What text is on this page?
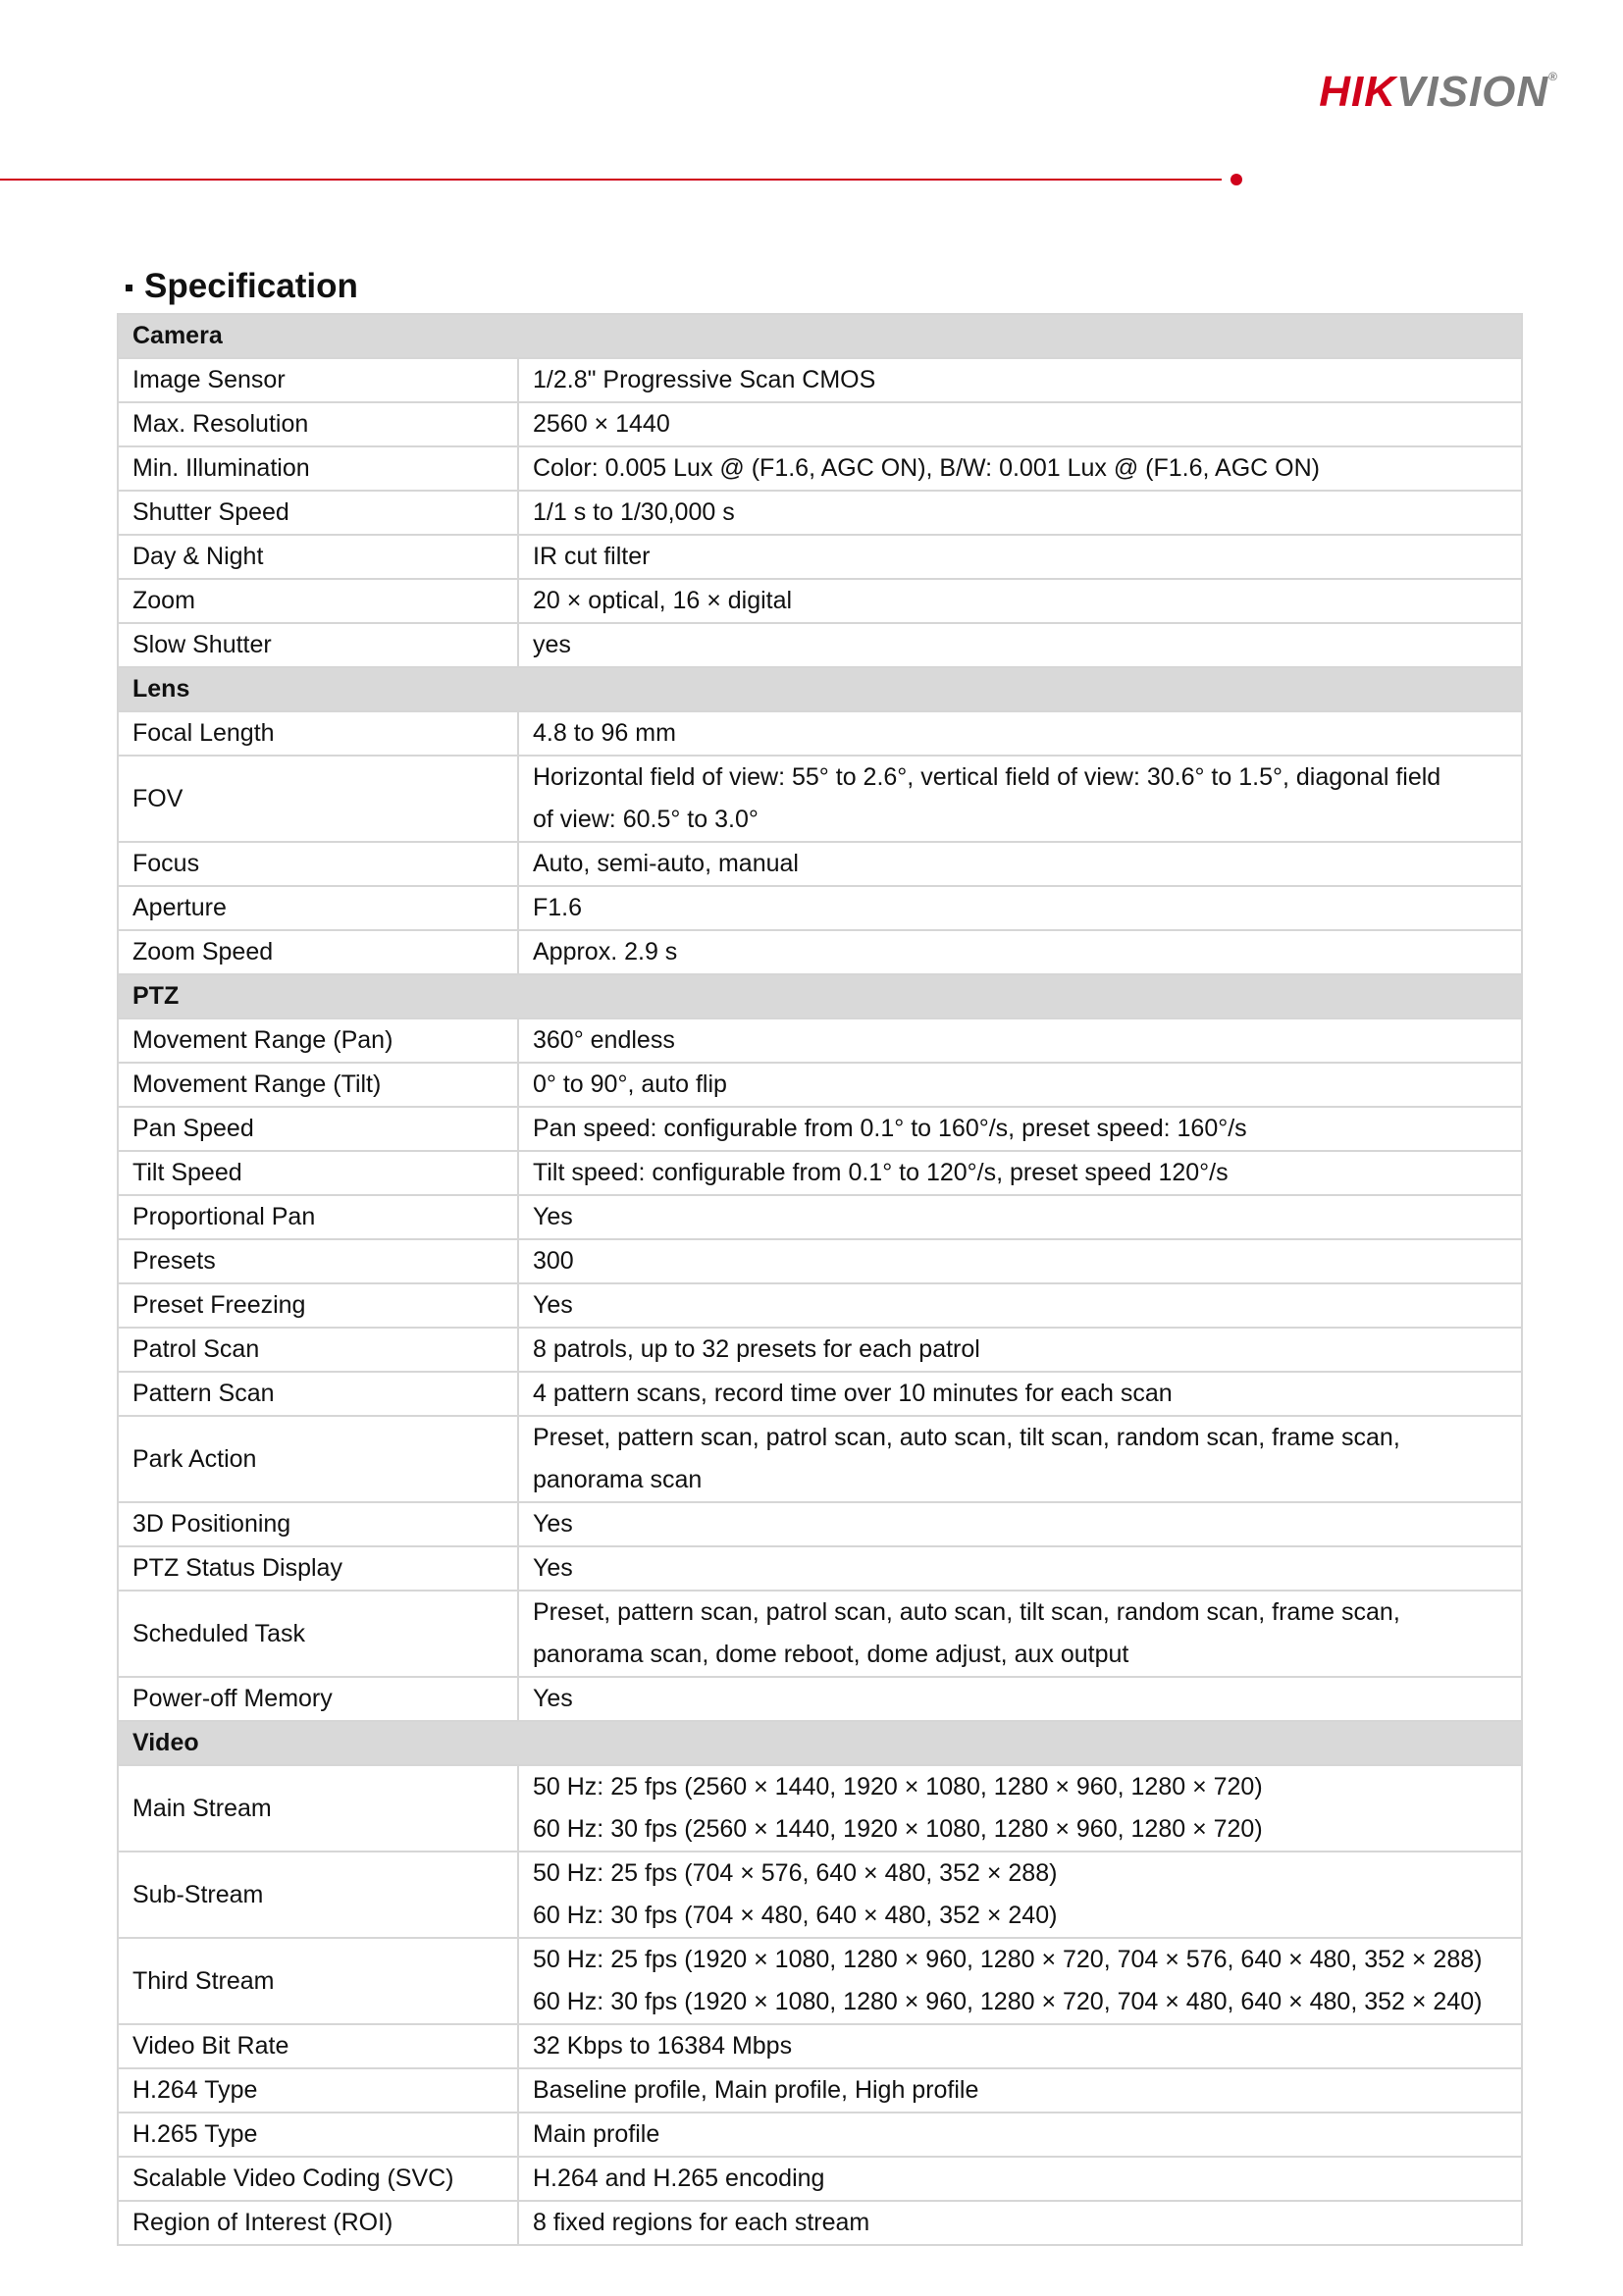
HIKVISION®
Specification
Camera	
Image Sensor	1/2.8" Progressive Scan CMOS

Max. Resolution	2560 × 1440

Min. Illumination	Color: 0.005 Lux @ (F1.6, AGC ON), B/W: 0.001 Lux @ (F1.6, AGC ON)

Shutter Speed	1/1 s to 1/30,000 s

Day & Night	IR cut filter

Zoom	20 × optical, 16 × digital

Slow Shutter	yes

Lens	
Focal Length	4.8 to 96 mm

FOV	Horizontal field of view: 55° to 2.6°, vertical field of view: 30.6° to 1.5°, diagonal field
of view: 60.5° to 3.0°

Focus	Auto, semi-auto, manual

Aperture	F1.6

Zoom Speed	Approx. 2.9 s

PTZ	
Movement Range (Pan)	360° endless

Movement Range (Tilt)	0° to 90°, auto flip

Pan Speed	Pan speed: configurable from 0.1° to 160°/s, preset speed: 160°/s

Tilt Speed	Tilt speed: configurable from 0.1° to 120°/s, preset speed 120°/s

Proportional Pan	Yes

Presets	300

Preset Freezing	Yes

Patrol Scan	8 patrols, up to 32 presets for each patrol

Pattern Scan	4 pattern scans, record time over 10 minutes for each scan

Park Action	Preset, pattern scan, patrol scan, auto scan, tilt scan, random scan, frame scan,
panorama scan

3D Positioning	Yes

PTZ Status Display	Yes

Scheduled Task	Preset, pattern scan, patrol scan, auto scan, tilt scan, random scan, frame scan,
panorama scan, dome reboot, dome adjust, aux output

Power-off Memory	Yes

Video	
Main Stream	50 Hz: 25 fps (2560 × 1440, 1920 × 1080, 1280 × 960, 1280 × 720)
60 Hz: 30 fps (2560 × 1440, 1920 × 1080, 1280 × 960, 1280 × 720)

Sub-Stream	50 Hz: 25 fps (704 × 576, 640 × 480, 352 × 288)
60 Hz: 30 fps (704 × 480, 640 × 480, 352 × 240)

Third Stream	50 Hz: 25 fps (1920 × 1080, 1280 × 960, 1280 × 720, 704 × 576, 640 × 480, 352 × 288)
60 Hz: 30 fps (1920 × 1080, 1280 × 960, 1280 × 720, 704 × 480, 640 × 480, 352 × 240)

Video Bit Rate	32 Kbps to 16384 Mbps

H.264 Type	Baseline profile, Main profile, High profile

H.265 Type	Main profile

Scalable Video Coding (SVC)	H.264 and H.265 encoding

Region of Interest (ROI)	8 fixed regions for each stream
